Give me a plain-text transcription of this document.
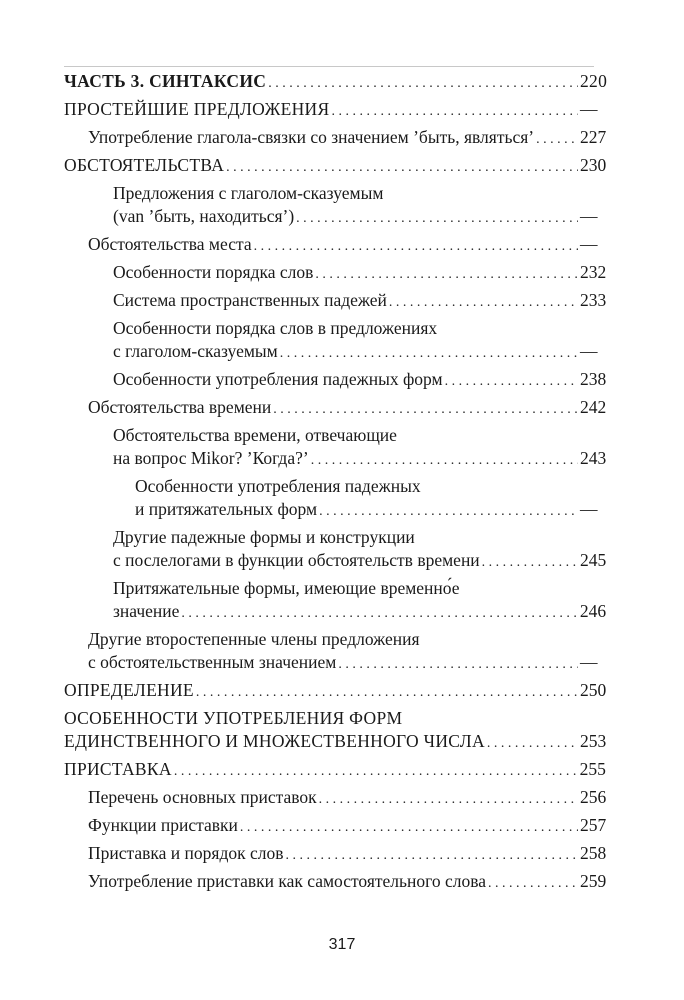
ЧАСТЬ 3. СИНТАКСИС . . .	220
ПРОСТЕЙШИЕ ПРЕДЛОЖЕНИЯ . . .	—
Употребление глагола-связки со значением ’быть, являться’ . . .	227
ОБСТОЯТЕЛЬСТВА . . .	230
Предложения с глаголом-сказуемым
(van ’быть, находиться’) . . .	—
Обстоятельства места . . .	—
Особенности порядка слов . . .	232
Система пространственных падежей . . .	233
Особенности порядка слов в предложениях
с глаголом-сказуемым . . .	—
Особенности употребления падежных форм . . .	238
Обстоятельства времени . . .	242
Обстоятельства времени, отвечающие
на вопрос Mikor? ’Когда?’ . . .	243
Особенности употребления падежных
и притяжательных форм . . .	—
Другие падежные формы и конструкции
с послелогами в функции обстоятельств времени . . .	245
Притяжательные формы, имеющие временно́е
значение . . .	246
Другие второстепенные члены предложения
с обстоятельственным значением . . .	—
ОПРЕДЕЛЕНИЕ . . .	250
ОСОБЕННОСТИ УПОТРЕБЛЕНИЯ ФОРМ
ЕДИНСТВЕННОГО И МНОЖЕСТВЕННОГО ЧИСЛА . . .	253
ПРИСТАВКА . . .	255
Перечень основных приставок . . .	256
Функции приставки . . .	257
Приставка и порядок слов . . .	258
Употребление приставки как самостоятельного слова . . .	259
317
